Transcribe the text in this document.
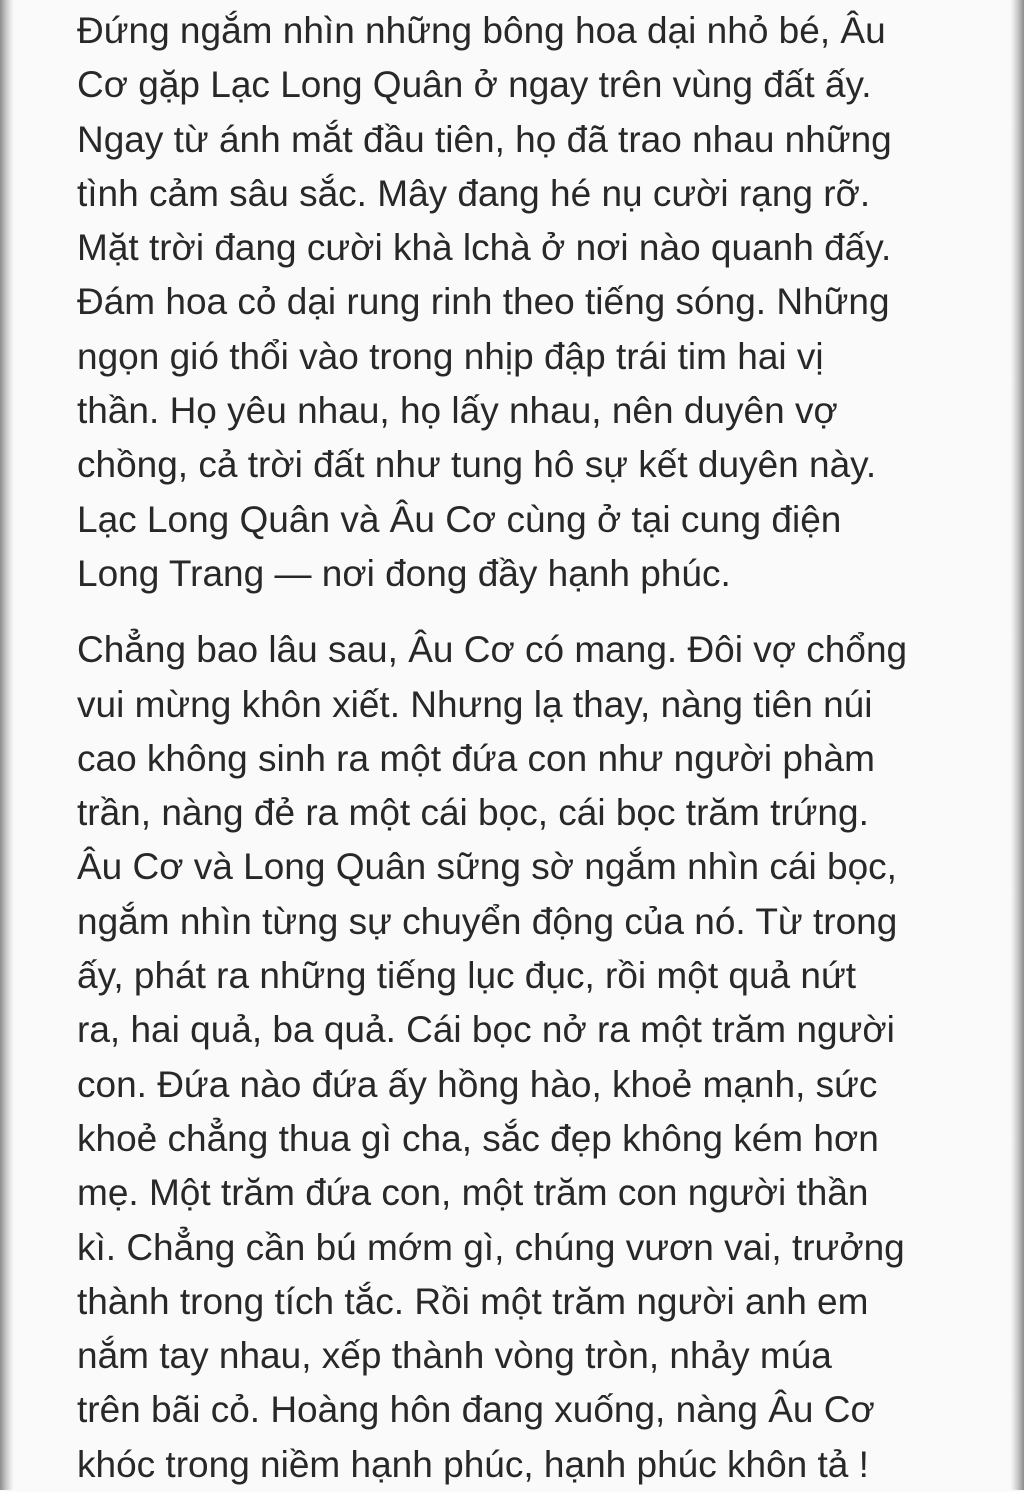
Đứng ngắm nhìn những bông hoa dại nhỏ bé, Âu
Cơ gặp Lạc Long Quân ở ngay trên vùng đất ấy.
Ngay từ ánh mắt đầu tiên, họ đã trao nhau những
tình cảm sâu sắc. Mây đang hé nụ cười rạng rỡ.
Mặt trời đang cười khà lchà ở nơi nào quanh đấy.
Đám hoa cỏ dại rung rinh theo tiếng sóng. Những
ngọn gió thổi vào trong nhịp đập trái tim hai vị
thần. Họ yêu nhau, họ lấy nhau, nên duyên vợ
chồng, cả trời đất như tung hô sự kết duyên này.
Lạc Long Quân và Âu Cơ cùng ở tại cung điện
Long Trang — nơi đong đầy hạnh phúc.

Chẳng bao lâu sau, Âu Cơ có mang. Đôi vợ chổng
vui mừng khôn xiết. Nhưng lạ thay, nàng tiên núi
cao không sinh ra một đứa con như người phàm
trần, nàng đẻ ra một cái bọc, cái bọc trăm trứng.
Âu Cơ và Long Quân sững sờ ngắm nhìn cái bọc,
ngắm nhìn từng sự chuyển động của nó. Từ trong
ấy, phát ra những tiếng lục đục, rồi một quả nứt
ra, hai quả, ba quả. Cái bọc nở ra một trăm người
con. Đứa nào đứa ấy hồng hào, khoẻ mạnh, sức
khoẻ chẳng thua gì cha, sắc đẹp không kém hơn
mẹ. Một trăm đứa con, một trăm con người thần
kì. Chẳng cần bú mớm gì, chúng vươn vai, trưởng
thành trong tích tắc. Rồi một trăm người anh em
nắm tay nhau, xếp thành vòng tròn, nhảy múa
trên bãi cỏ. Hoàng hôn đang xuống, nàng Âu Cơ
khóc trong niềm hạnh phúc, hạnh phúc khôn tả !
